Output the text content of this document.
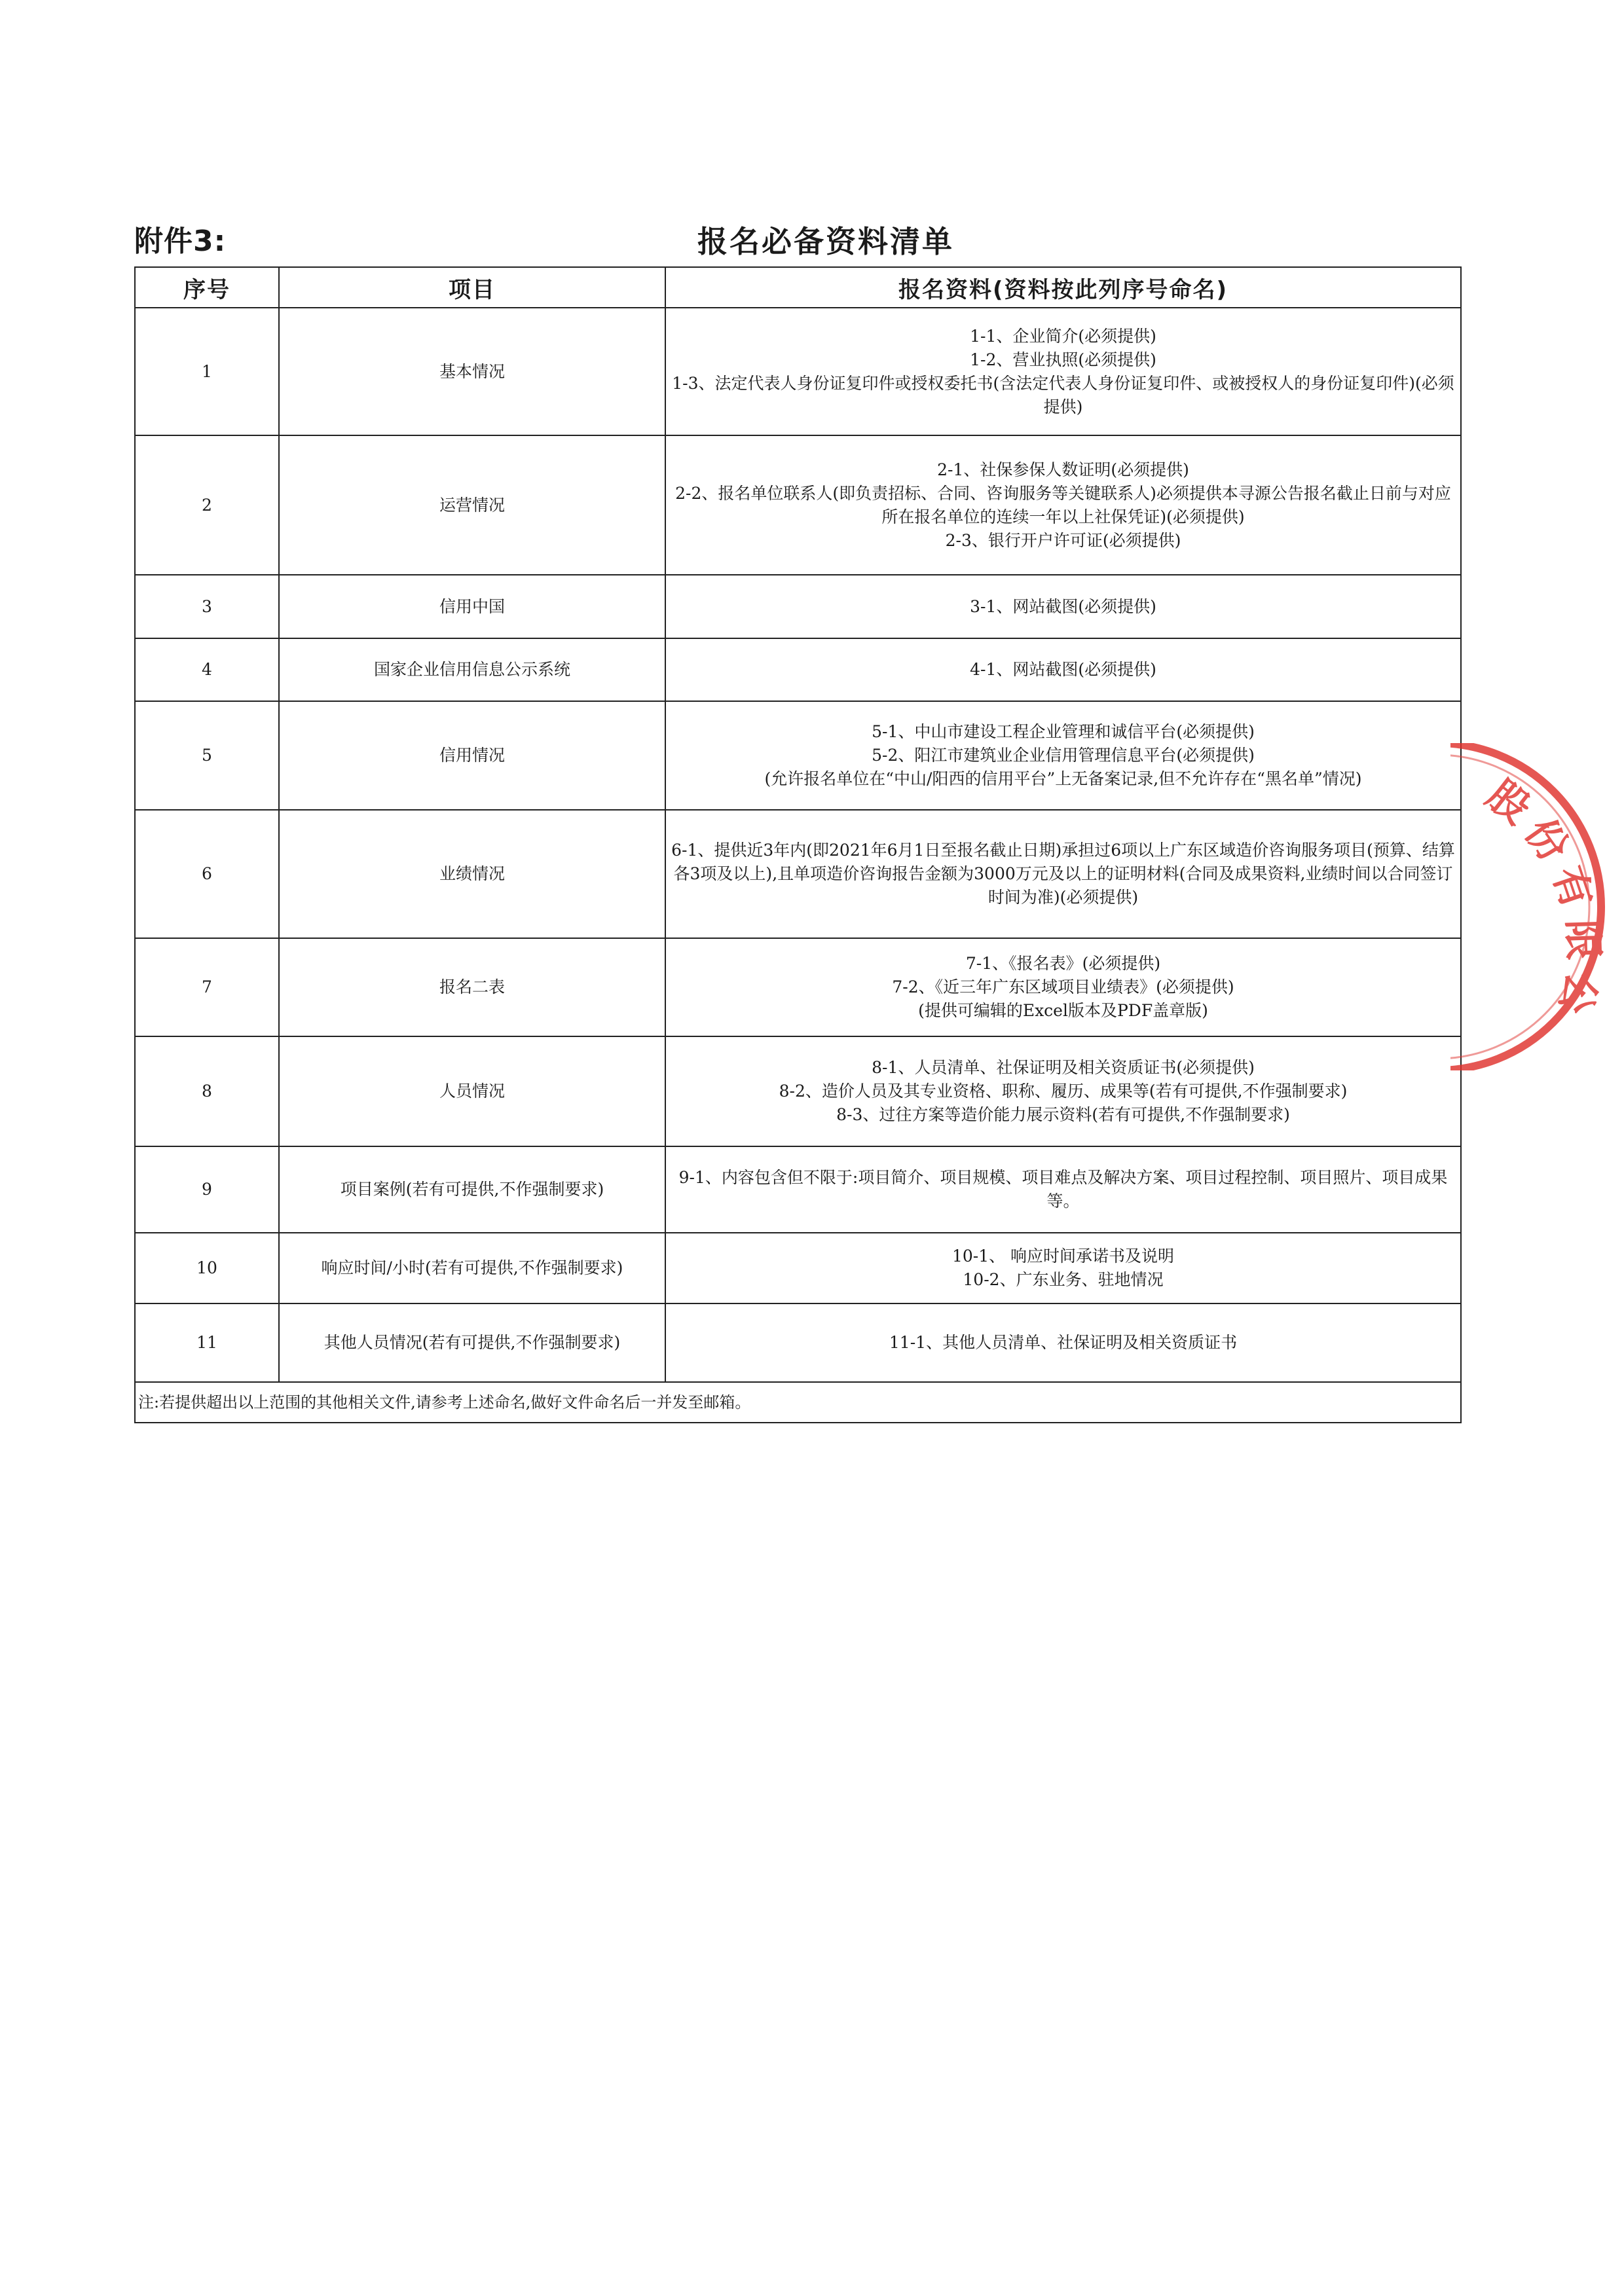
附件3:	报名必备资料清单
序号	项目	报名资料(资料按此列序号命名)
1	基本情况	1-1、企业简介(必须提供)
1-2、营业执照(必须提供)
1-3、法定代表人身份证复印件或授权委托书(含法定代表人身份证复印件、或被授权人的身份证复印件)(必须提供)

2	运营情况	2-1、社保参保人数证明(必须提供)
2-2、报名单位联系人(即负责招标、合同、咨询服务等关键联系人)必须提供本寻源公告报名截止日前与对应所在报名单位的连续一年以上社保凭证)(必须提供)
2-3、银行开户许可证(必须提供)

3	信用中国	3-1、网站截图(必须提供)

4	国家企业信用信息公示系统	4-1、网站截图(必须提供)

5	信用情况	5-1、中山市建设工程企业管理和诚信平台(必须提供)
5-2、阳江市建筑业企业信用管理信息平台(必须提供)
(允许报名单位在“中山/阳西的信用平台”上无备案记录,但不允许存在“黑名单”情况)

6	业绩情况	6-1、提供近3年内(即2021年6月1日至报名截止日期)承担过6项以上广东区域造价咨询服务项目(预算、结算各3项及以上),且单项造价咨询报告金额为3000万元及以上的证明材料(合同及成果资料,业绩时间以合同签订时间为准)(必须提供)

7	报名二表	7-1、《报名表》(必须提供)
7-2、《近三年广东区域项目业绩表》(必须提供)
(提供可编辑的Excel版本及PDF盖章版)

8	人员情况	8-1、人员清单、社保证明及相关资质证书(必须提供)
8-2、造价人员及其专业资格、职称、履历、成果等(若有可提供,不作强制要求)
8-3、过往方案等造价能力展示资料(若有可提供,不作强制要求)

9	项目案例(若有可提供,不作强制要求)	9-1、内容包含但不限于:项目简介、项目规模、项目难点及解决方案、项目过程控制、项目照片、项目成果等。

10	响应时间/小时(若有可提供,不作强制要求)	10-1、 响应时间承诺书及说明
10-2、广东业务、驻地情况

11	其他人员情况(若有可提供,不作强制要求)	11-1、其他人员清单、社保证明及相关资质证书

注:若提供超出以上范围的其他相关文件,请参考上述命名,做好文件命名后一并发至邮箱。		
股份有限公
